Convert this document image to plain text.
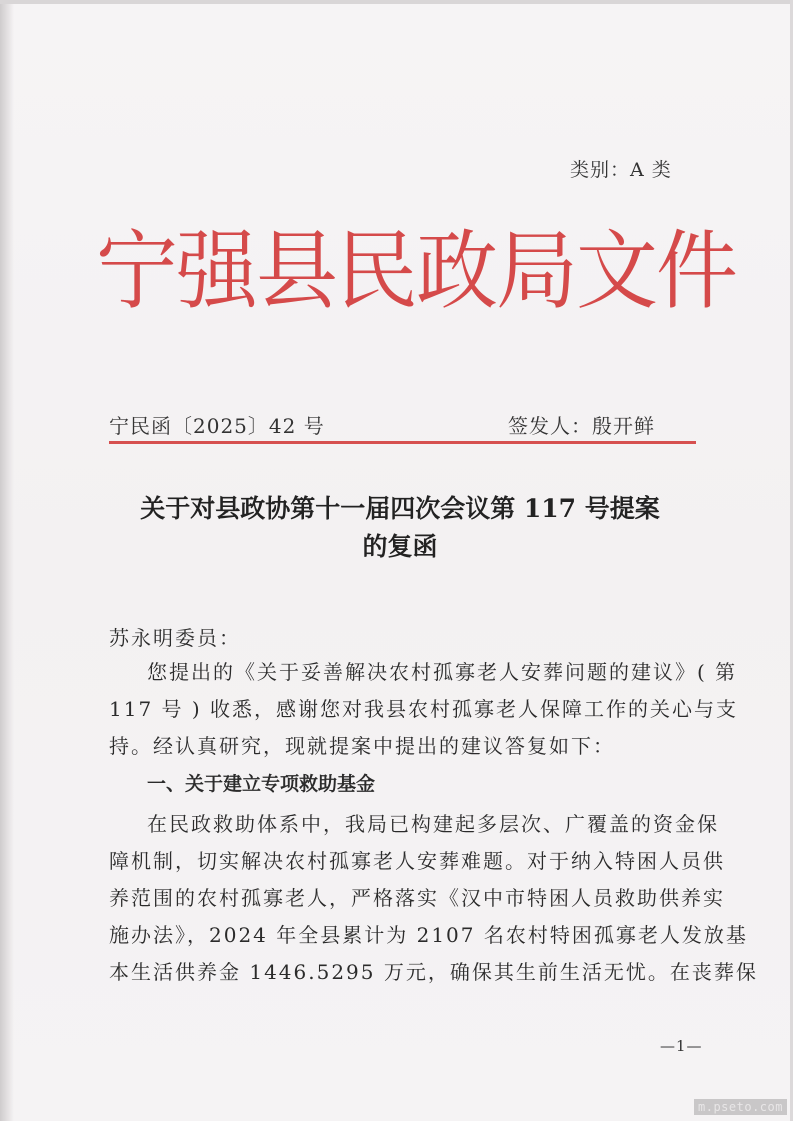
类别：A 类
宁强县民政局文件
宁民函〔2025〕42 号	签发人：殷开鲜
关于对县政协第十一届四次会议第 117 号提案
的复函
苏永明委员：
您提出的《关于妥善解决农村孤寡老人安葬问题的建议》( 第
117 号 ) 收悉，感谢您对我县农村孤寡老人保障工作的关心与支
持。经认真研究，现就提案中提出的建议答复如下：
一、关于建立专项救助基金
在民政救助体系中，我局已构建起多层次、广覆盖的资金保
障机制，切实解决农村孤寡老人安葬难题。对于纳入特困人员供
养范围的农村孤寡老人，严格落实《汉中市特困人员救助供养实
施办法》，2024 年全县累计为 2107 名农村特困孤寡老人发放基
本生活供养金 1446.5295 万元，确保其生前生活无忧。在丧葬保
—1—
m.pseto.com
